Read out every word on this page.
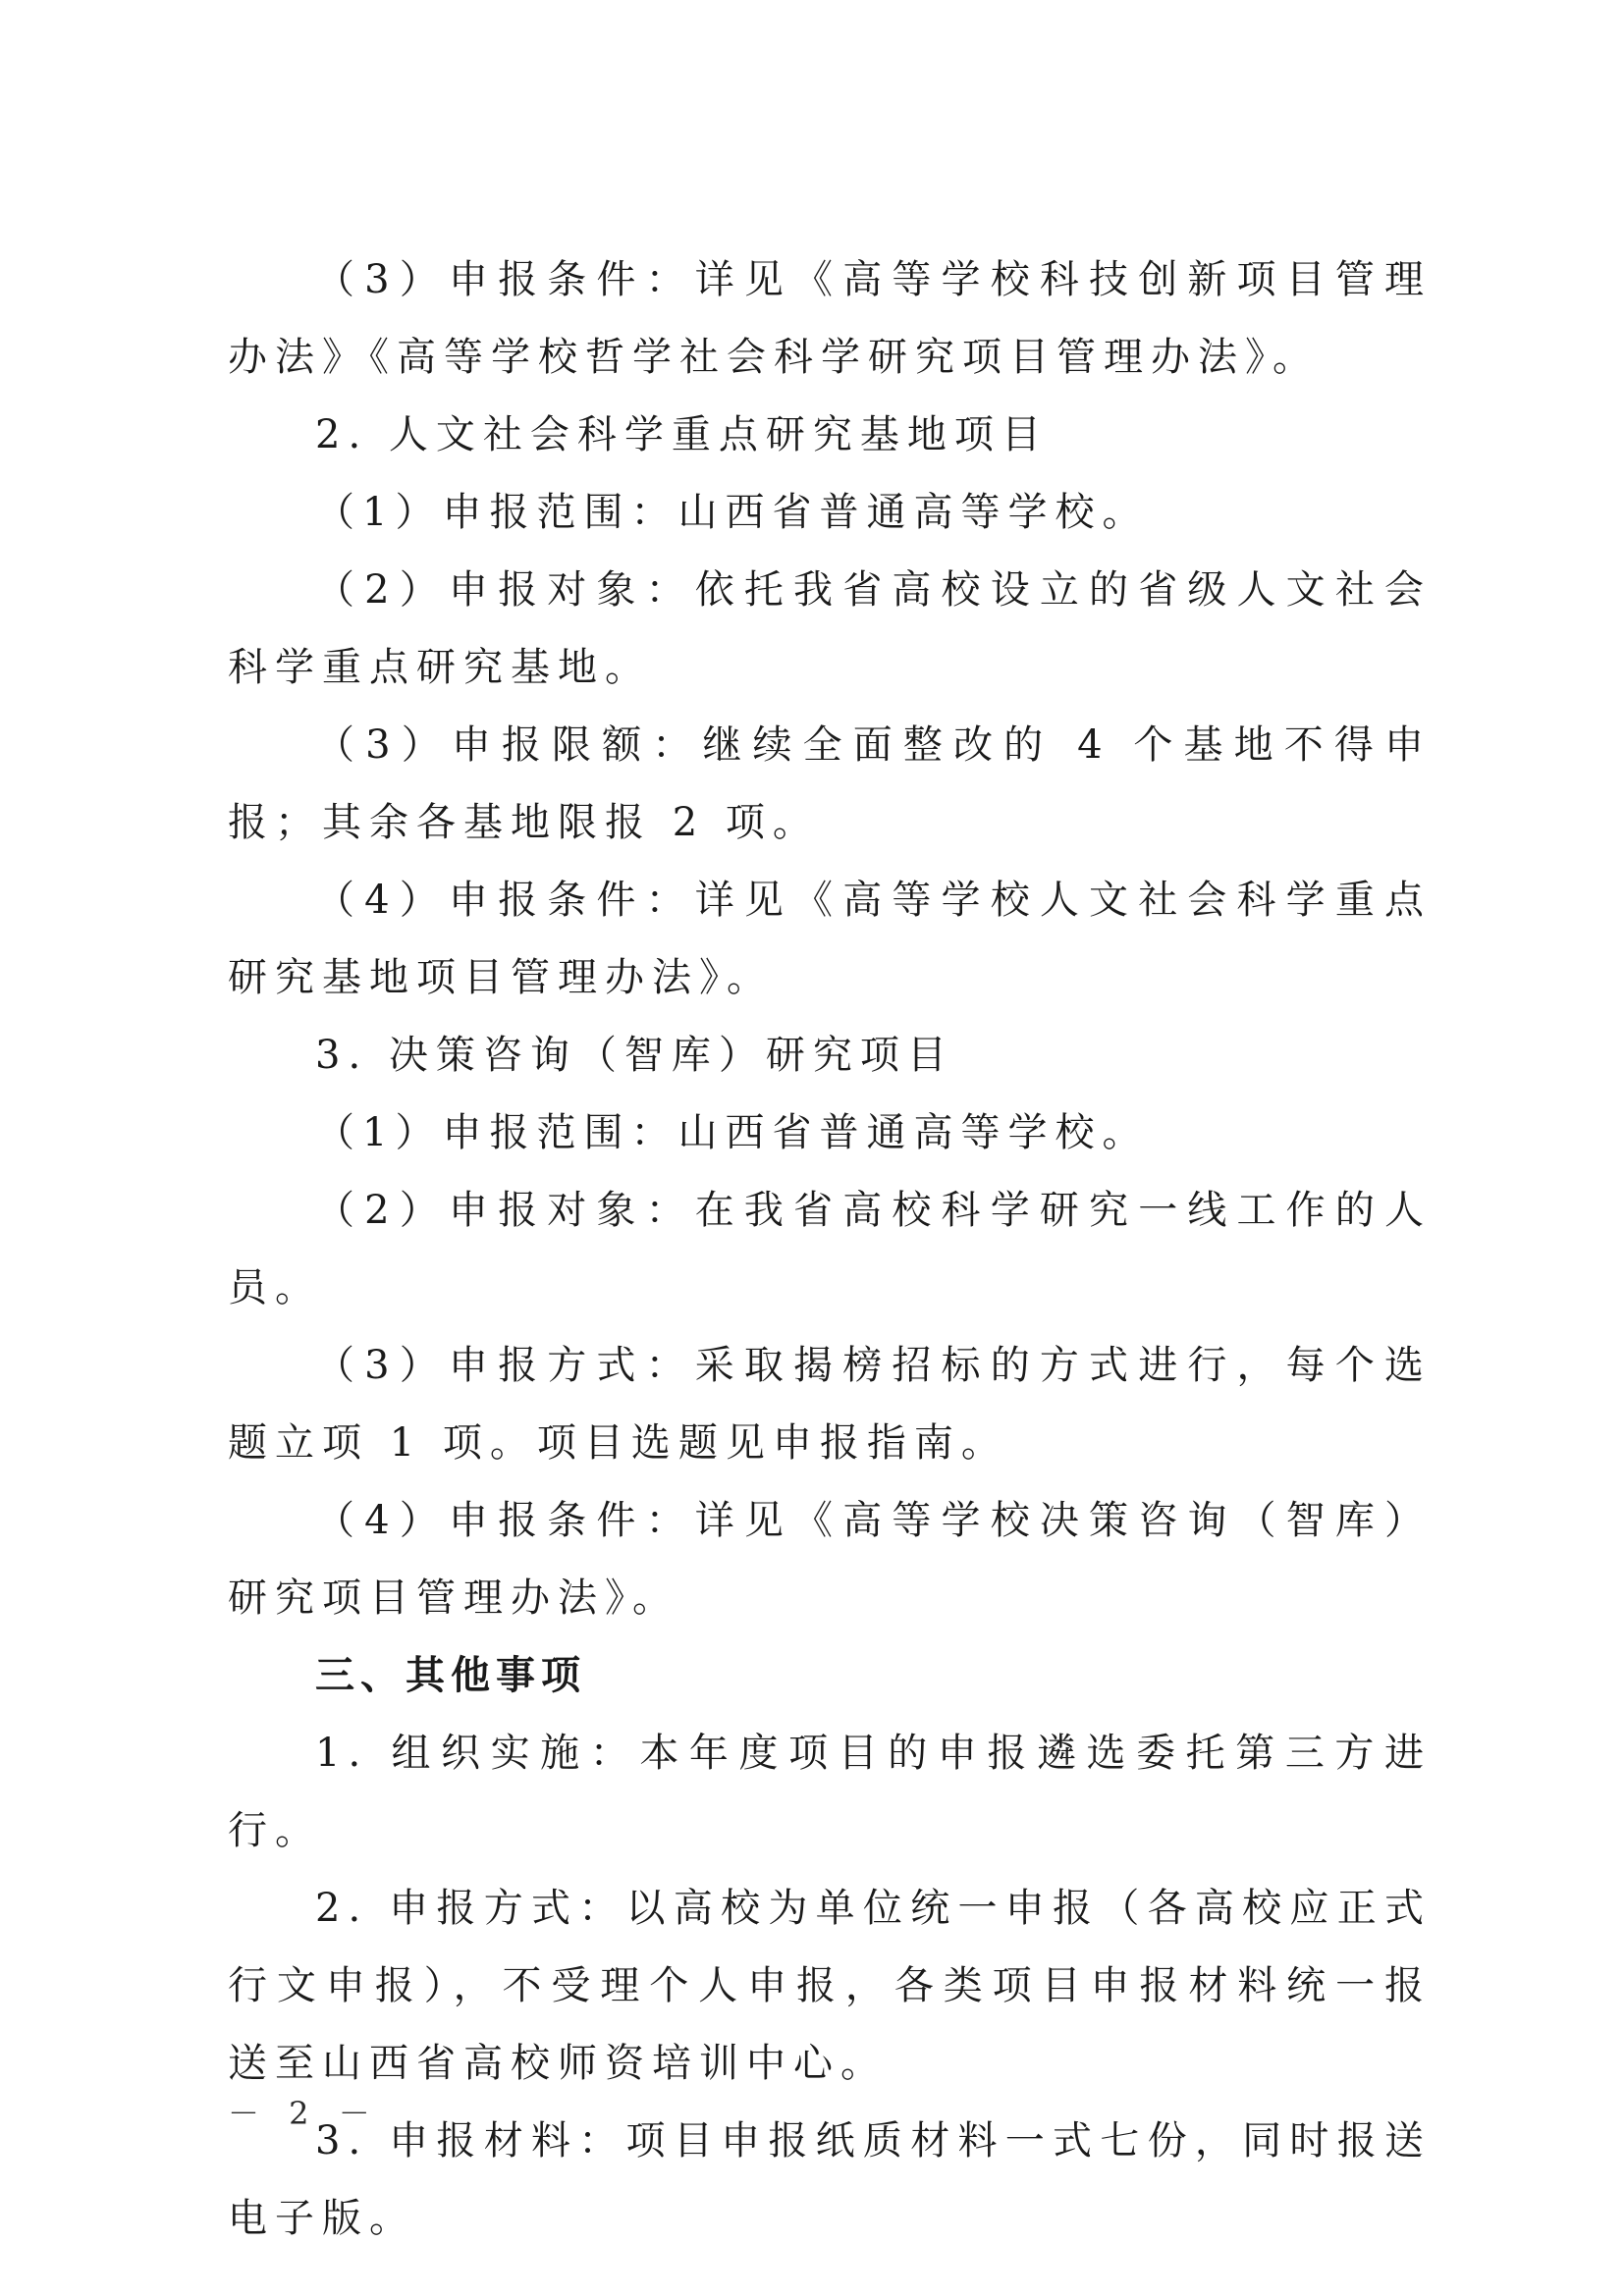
（3）申报条件：详见《高等学校科技创新项目管理办法》《高等学校哲学社会科学研究项目管理办法》。

2. 人文社会科学重点研究基地项目

（1）申报范围：山西省普通高等学校。

（2）申报对象：依托我省高校设立的省级人文社会科学重点研究基地。

（3）申报限额：继续全面整改的 4 个基地不得申报；其余各基地限报 2 项。

（4）申报条件：详见《高等学校人文社会科学重点研究基地项目管理办法》。

3. 决策咨询（智库）研究项目

（1）申报范围：山西省普通高等学校。

（2）申报对象：在我省高校科学研究一线工作的人员。

（3）申报方式：采取揭榜招标的方式进行，每个选题立项 1 项。项目选题见申报指南。

（4）申报条件：详见《高等学校决策咨询（智库）研究项目管理办法》。

三、其他事项

1. 组织实施：本年度项目的申报遴选委托第三方进行。

2. 申报方式：以高校为单位统一申报（各高校应正式行文申报），不受理个人申报，各类项目申报材料统一报送至山西省高校师资培训中心。

3. 申报材料：项目申报纸质材料一式七份，同时报送电子版。

－ 2 －
